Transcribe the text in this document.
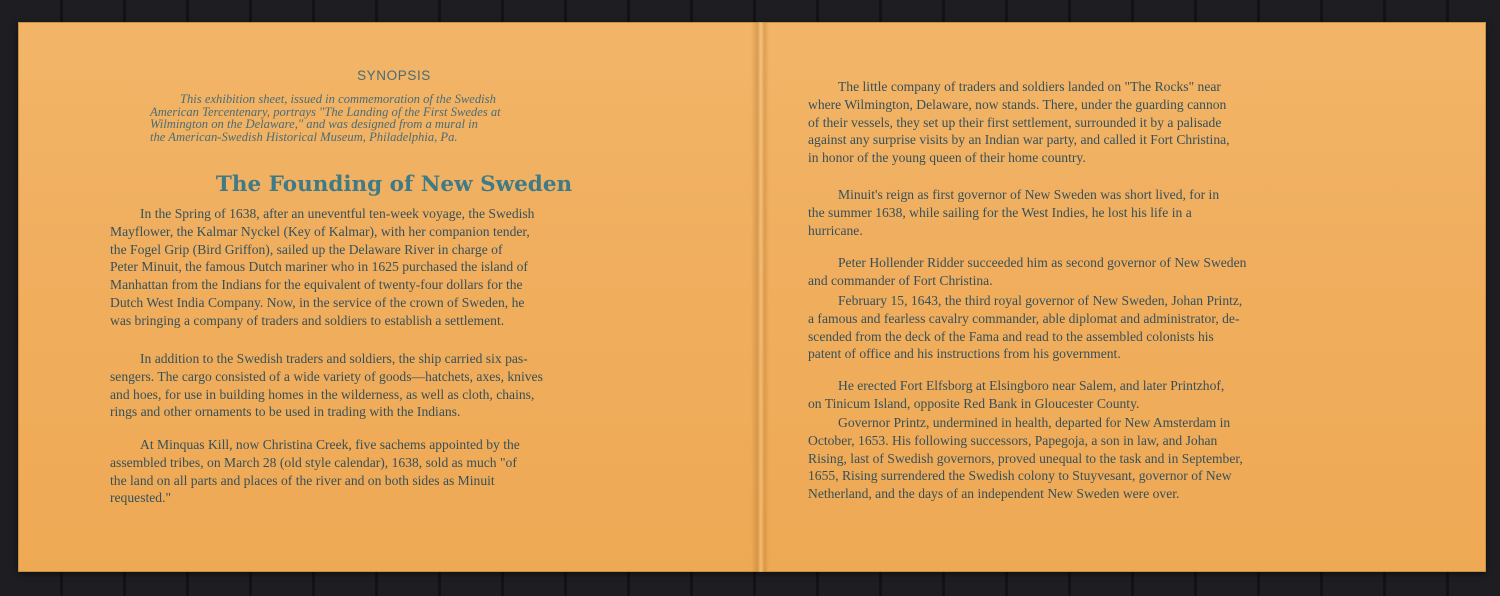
SYNOPSIS

This exhibition sheet, issued in commemoration of the Swedish
American Tercentenary, portrays "The Landing of the First Swedes at
Wilmington on the Delaware," and was designed from a mural in
the American-Swedish Historical Museum, Philadelphia, Pa.

The Founding of New Sweden

In the Spring of 1638, after an uneventful ten-week voyage, the Swedish
Mayflower, the Kalmar Nyckel (Key of Kalmar), with her companion tender,
the Fogel Grip (Bird Griffon), sailed up the Delaware River in charge of
Peter Minuit, the famous Dutch mariner who in 1625 purchased the island of
Manhattan from the Indians for the equivalent of twenty-four dollars for the
Dutch West India Company. Now, in the service of the crown of Sweden, he
was bringing a company of traders and soldiers to establish a settlement.

In addition to the Swedish traders and soldiers, the ship carried six pas-
sengers. The cargo consisted of a wide variety of goods—hatchets, axes, knives
and hoes, for use in building homes in the wilderness, as well as cloth, chains,
rings and other ornaments to be used in trading with the Indians.

At Minquas Kill, now Christina Creek, five sachems appointed by the
assembled tribes, on March 28 (old style calendar), 1638, sold as much "of
the land on all parts and places of the river and on both sides as Minuit
requested."

The little company of traders and soldiers landed on "The Rocks" near
where Wilmington, Delaware, now stands. There, under the guarding cannon
of their vessels, they set up their first settlement, surrounded it by a palisade
against any surprise visits by an Indian war party, and called it Fort Christina,
in honor of the young queen of their home country.

Minuit's reign as first governor of New Sweden was short lived, for in
the summer 1638, while sailing for the West Indies, he lost his life in a
hurricane.

Peter Hollender Ridder succeeded him as second governor of New Sweden
and commander of Fort Christina.

February 15, 1643, the third royal governor of New Sweden, Johan Printz,
a famous and fearless cavalry commander, able diplomat and administrator, de-
scended from the deck of the Fama and read to the assembled colonists his
patent of office and his instructions from his government.

He erected Fort Elfsborg at Elsingboro near Salem, and later Printzhof,
on Tinicum Island, opposite Red Bank in Gloucester County.

Governor Printz, undermined in health, departed for New Amsterdam in
October, 1653. His following successors, Papegoja, a son in law, and Johan
Rising, last of Swedish governors, proved unequal to the task and in September,
1655, Rising surrendered the Swedish colony to Stuyvesant, governor of New
Netherland, and the days of an independent New Sweden were over.
